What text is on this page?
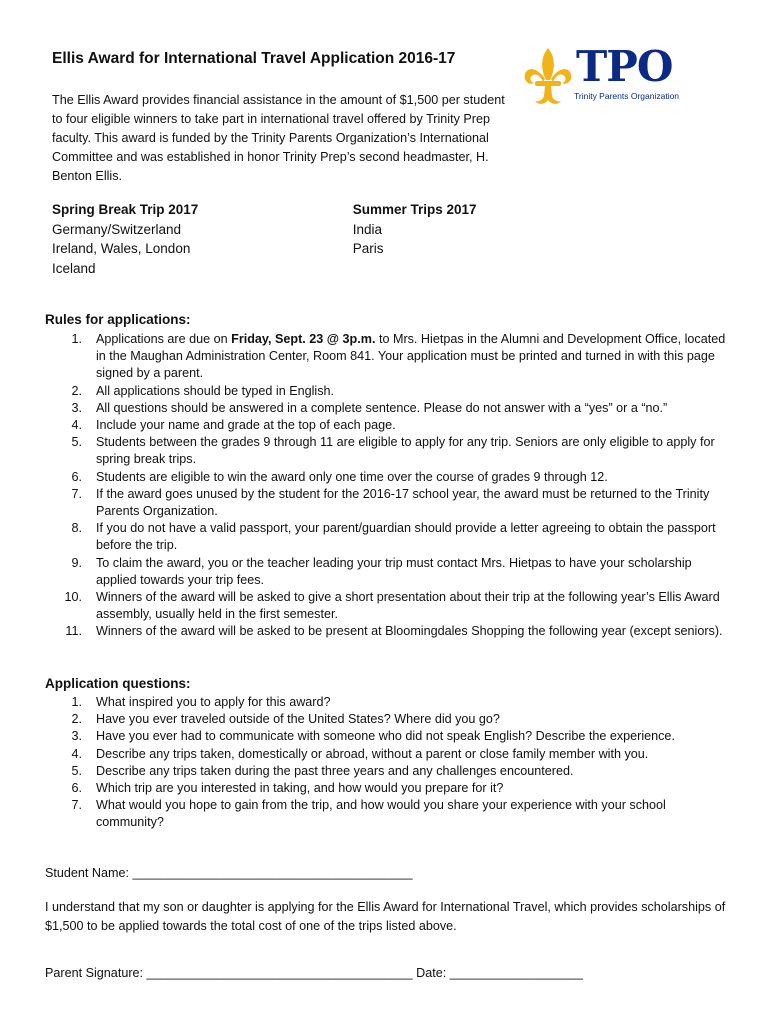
Ellis Award for International Travel Application 2016-17	TPO
Trinity Parents Organization
The Ellis Award provides financial assistance in the amount of $1,500 per student to four eligible winners to take part in international travel offered by Trinity Prep faculty. This award is funded by the Trinity Parents Organization’s International Committee and was established in honor Trinity Prep’s second headmaster, H. Benton Ellis.
Spring Break Trip 2017
Germany/Switzerland
Ireland, Wales, London
Iceland
Summer Trips 2017
India
Paris
Rules for applications:
1. Applications are due on Friday, Sept. 23 @ 3p.m. to Mrs. Hietpas in the Alumni and Development Office, located in the Maughan Administration Center, Room 841. Your application must be printed and turned in with this page signed by a parent.
2. All applications should be typed in English.
3. All questions should be answered in a complete sentence. Please do not answer with a “yes” or a “no.”
4. Include your name and grade at the top of each page.
5. Students between the grades 9 through 11 are eligible to apply for any trip. Seniors are only eligible to apply for spring break trips.
6. Students are eligible to win the award only one time over the course of grades 9 through 12.
7. If the award goes unused by the student for the 2016-17 school year, the award must be returned to the Trinity Parents Organization.
8. If you do not have a valid passport, your parent/guardian should provide a letter agreeing to obtain the passport before the trip.
9. To claim the award, you or the teacher leading your trip must contact Mrs. Hietpas to have your scholarship applied towards your trip fees.
10. Winners of the award will be asked to give a short presentation about their trip at the following year’s Ellis Award assembly, usually held in the first semester.
11. Winners of the award will be asked to be present at Bloomingdales Shopping the following year (except seniors).
Application questions:
1. What inspired you to apply for this award?
2. Have you ever traveled outside of the United States? Where did you go?
3. Have you ever had to communicate with someone who did not speak English? Describe the experience.
4. Describe any trips taken, domestically or abroad, without a parent or close family member with you.
5. Describe any trips taken during the past three years and any challenges encountered.
6. Which trip are you interested in taking, and how would you prepare for it?
7. What would you hope to gain from the trip, and how would you share your experience with your school community?
Student Name: ________________________________________
I understand that my son or daughter is applying for the Ellis Award for International Travel, which provides scholarships of $1,500 to be applied towards the total cost of one of the trips listed above.
Parent Signature: ______________________________________ Date: ___________________
